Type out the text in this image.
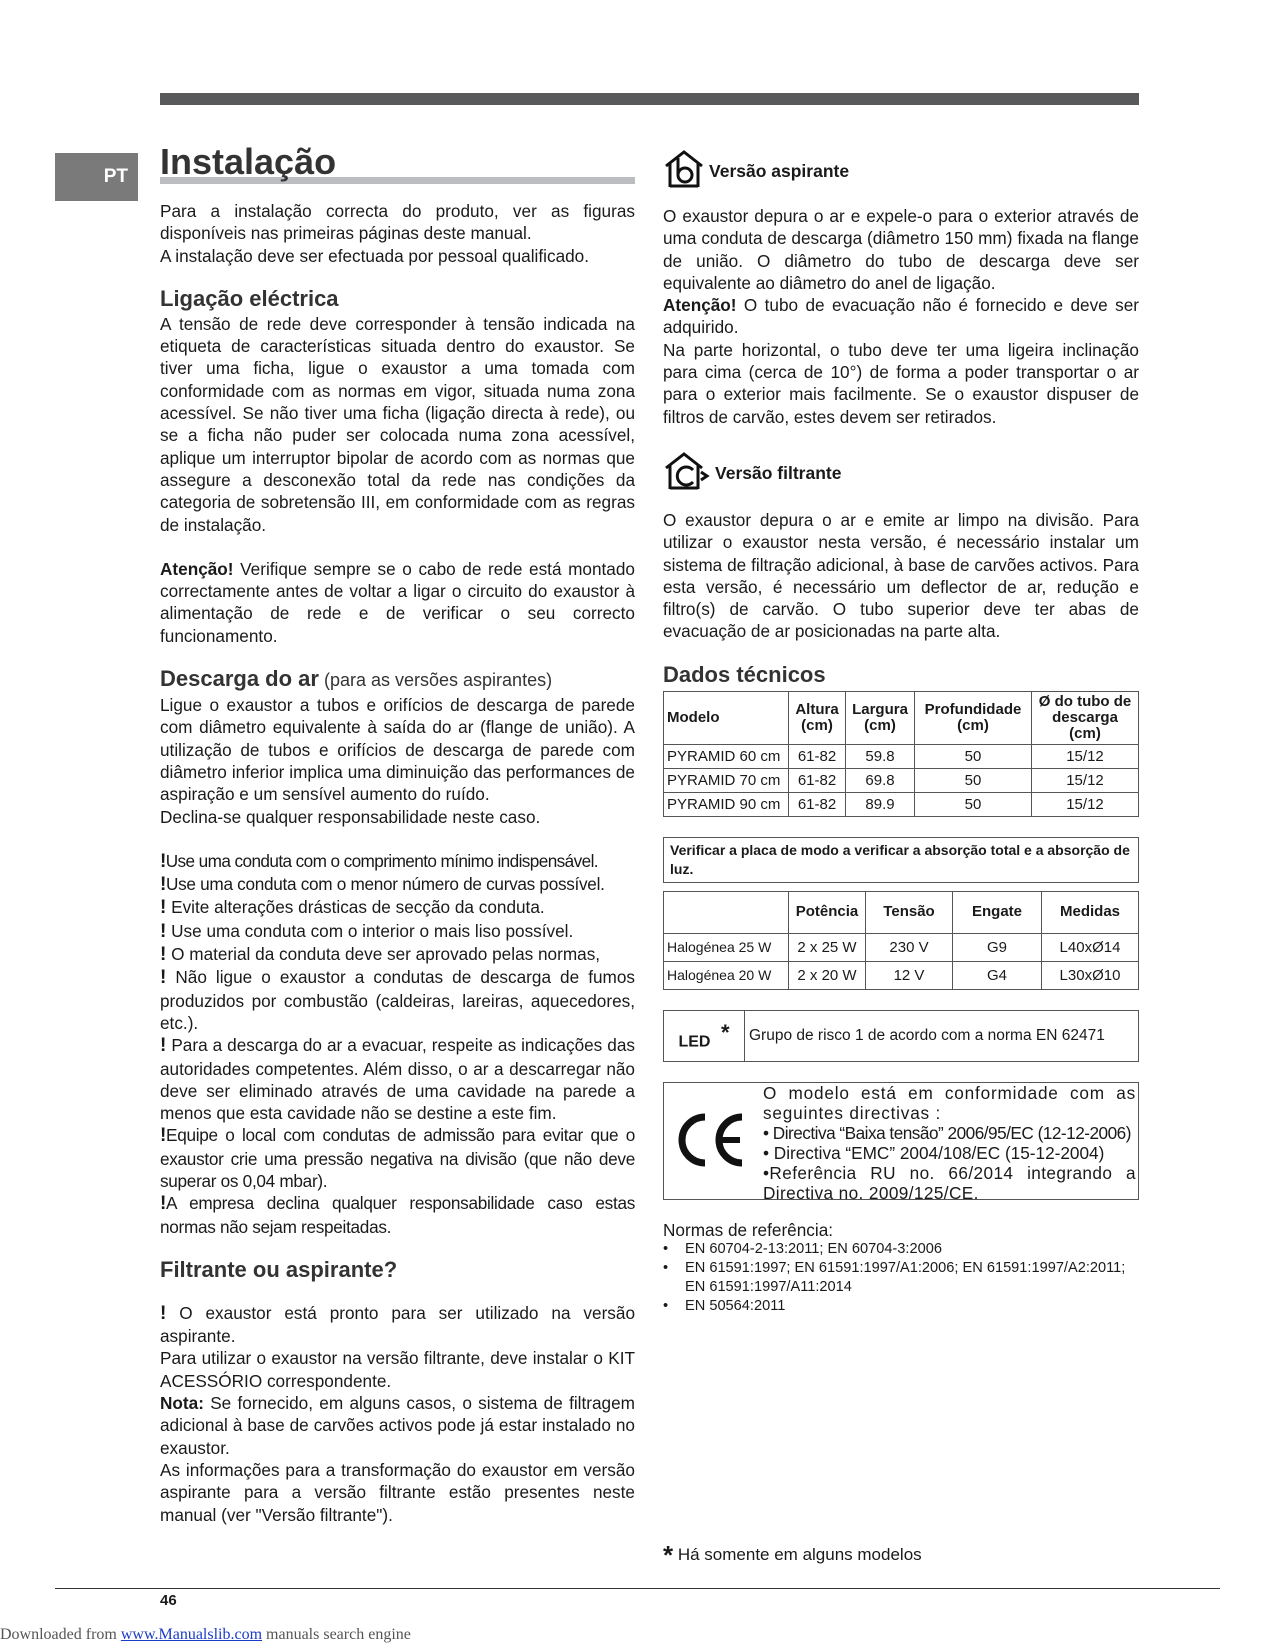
PT Instalação

Para a instalação correcta do produto, ver as figuras disponíveis nas primeiras páginas deste manual.

A instalação deve ser efectuada por pessoal qualificado.

Ligação eléctrica

A tensão de rede deve corresponder à tensão indicada na etiqueta de características situada dentro do exaustor. Se tiver uma ficha, ligue o exaustor a uma tomada com conformidade com as normas em vigor, situada numa zona acessível. Se não tiver uma ficha (ligação directa à rede), ou se a ficha não puder ser colocada numa zona acessível, aplique um interruptor bipolar de acordo com as normas que assegure a desconexão total da rede nas condições da categoria de sobretensão III, em conformidade com as regras de instalação.

Atenção! Verifique sempre se o cabo de rede está montado correctamente antes de voltar a ligar o circuito do exaustor à alimentação de rede e de verificar o seu correcto funcionamento.

Descarga do ar (para as versões aspirantes)

Ligue o exaustor a tubos e orifícios de descarga de parede com diâmetro equivalente à saída do ar (flange de união). A utilização de tubos e orifícios de descarga de parede com diâmetro inferior implica uma diminuição das performances de aspiração e um sensível aumento do ruído.

Declina-se qualquer responsabilidade neste caso.

!Use uma conduta com o comprimento mínimo indispensável.

!Use uma conduta com o menor número de curvas possível.

! Evite alterações drásticas de secção da conduta.

! Use uma conduta com o interior o mais liso possível.

! O material da conduta deve ser aprovado pelas normas,

! Não ligue o exaustor a condutas de descarga de fumos produzidos por combustão (caldeiras, lareiras, aquecedores, etc.).

! Para a descarga do ar a evacuar, respeite as indicações das autoridades competentes. Além disso, o ar a descarregar não deve ser eliminado através de uma cavidade na parede a menos que esta cavidade não se destine a este fim.

!Equipe o local com condutas de admissão para evitar que o exaustor crie uma pressão negativa na divisão (que não deve superar os 0,04 mbar).

!A empresa declina qualquer responsabilidade caso estas normas não sejam respeitadas.

Filtrante ou aspirante?

! O exaustor está pronto para ser utilizado na versão aspirante.

Para utilizar o exaustor na versão filtrante, deve instalar o KIT ACESSÓRIO correspondente.

Nota: Se fornecido, em alguns casos, o sistema de filtragem adicional à base de carvões activos pode já estar instalado no exaustor.

As informações para a transformação do exaustor em versão aspirante para a versão filtrante estão presentes neste manual (ver "Versão filtrante").

Versão aspirante

O exaustor depura o ar e expele-o para o exterior através de uma conduta de descarga (diâmetro 150 mm) fixada na flange de união. O diâmetro do tubo de descarga deve ser equivalente ao diâmetro do anel de ligação.

Atenção! O tubo de evacuação não é fornecido e deve ser adquirido.

Na parte horizontal, o tubo deve ter uma ligeira inclinação para cima (cerca de 10°) de forma a poder transportar o ar para o exterior mais facilmente. Se o exaustor dispuser de filtros de carvão, estes devem ser retirados.

Versão filtrante

O exaustor depura o ar e emite ar limpo na divisão. Para utilizar o exaustor nesta versão, é necessário instalar um sistema de filtração adicional, à base de carvões activos. Para esta versão, é necessário um deflector de ar, redução e filtro(s) de carvão. O tubo superior deve ter abas de evacuação de ar posicionadas na parte alta.

Dados técnicos
Modelo	Altura (cm)	Largura (cm)	Profundidade (cm)	Ø do tubo de descarga (cm)
PYRAMID 60 cm	61-82	59.8	50	15/12
PYRAMID 70 cm	61-82	69.8	50	15/12
PYRAMID 90 cm	61-82	89.9	50	15/12
Verificar a placa de modo a verificar a absorção total e a absorção de luz.
	Potência	Tensão	Engate	Medidas
Halogénea 25 W	2 x 25 W	230 V	G9	L40xØ14
Halogénea 20 W	2 x 20 W	12 V	G4	L30xØ10
LED *	Grupo de risco 1 de acordo com a norma EN 62471

O modelo está em conformidade com as seguintes directivas :

• Directiva “Baixa tensão” 2006/95/EC (12-12-2006)

• Directiva “EMC” 2004/108/EC (15-12-2004)

•Referência RU no. 66/2014 integrando a Directiva no. 2009/125/CE.

Normas de referência:

• EN 60704-2-13:2011; EN 60704-3:2006
• EN 61591:1997; EN 61591:1997/A1:2006; EN 61591:1997/A2:2011; EN 61591:1997/A11:2014
• EN 50564:2011
* Há somente em alguns modelos
46
Downloaded from www.Manualslib.com manuals search engine
